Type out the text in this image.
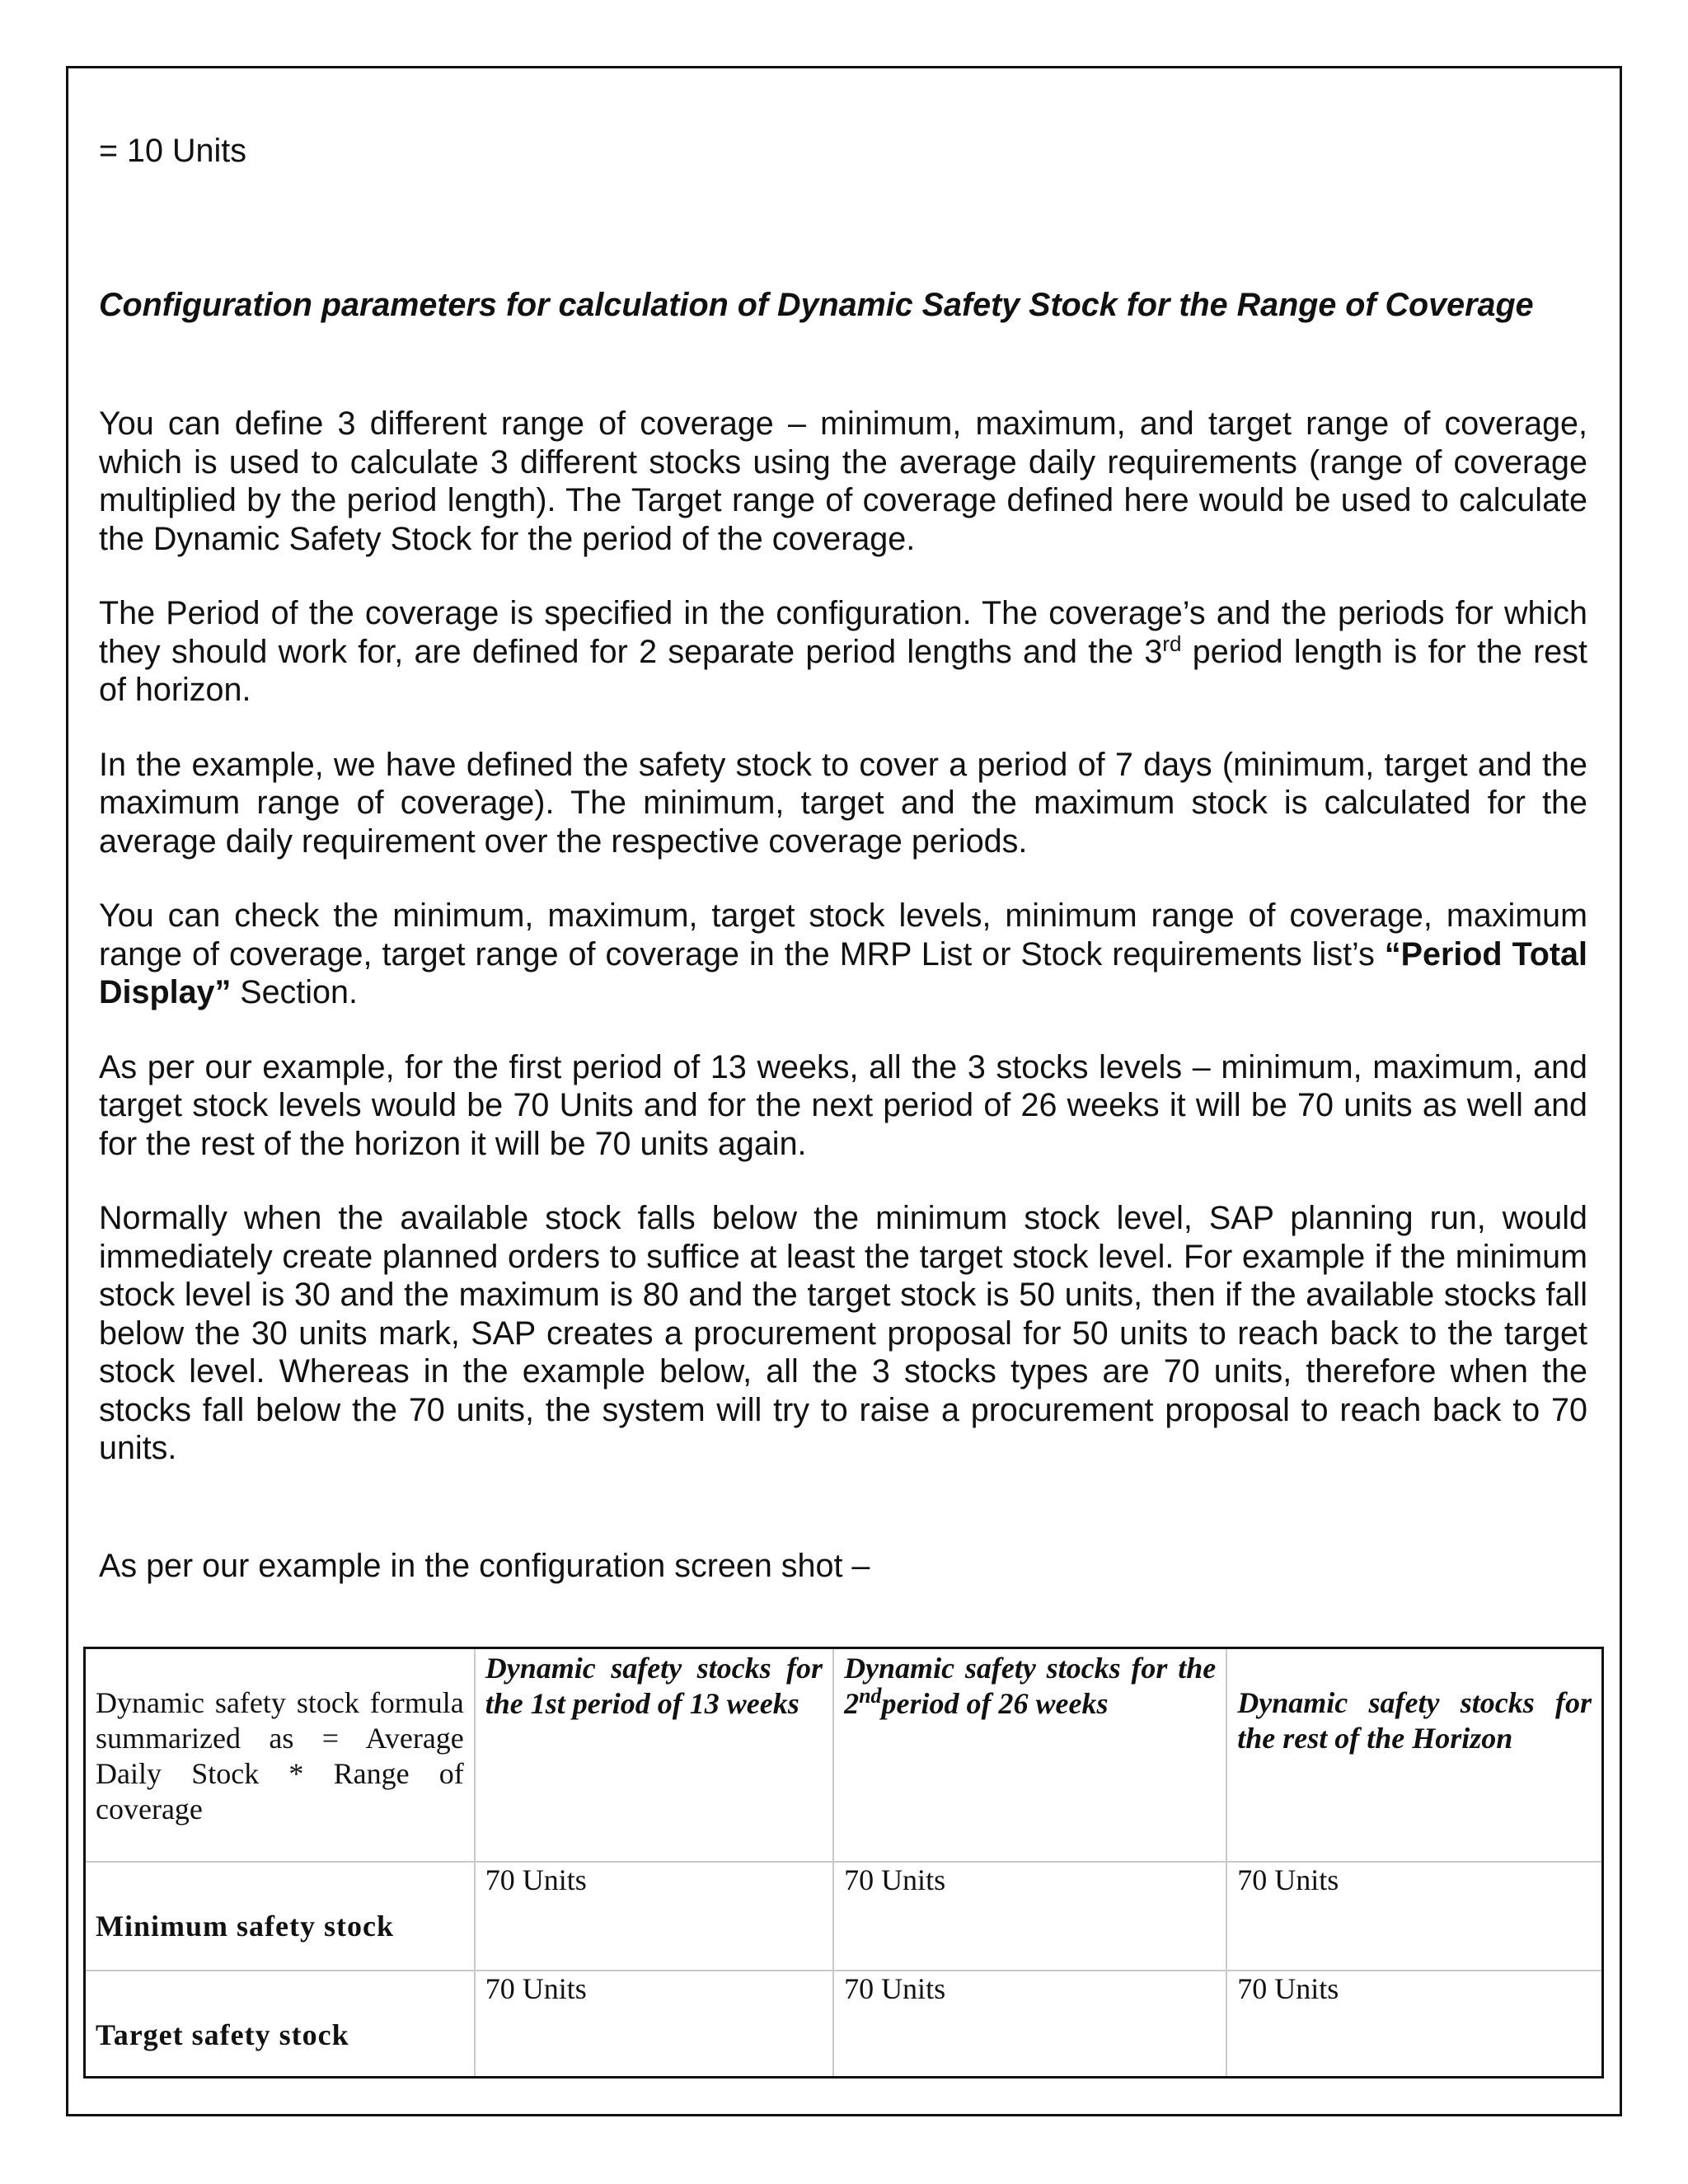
= 10 Units

Configuration parameters for calculation of Dynamic Safety Stock for the Range of Coverage

You can define 3 different range of coverage – minimum, maximum, and target range of coverage, which is used to calculate 3 different stocks using the average daily requirements (range of coverage multiplied by the period length). The Target range of coverage defined here would be used to calculate the Dynamic Safety Stock for the period of the coverage.

The Period of the coverage is specified in the configuration. The coverage’s and the periods for which they should work for, are defined for 2 separate period lengths and the 3rd period length is for the rest of horizon.

In the example, we have defined the safety stock to cover a period of 7 days (minimum, target and the maximum range of coverage). The minimum, target and the maximum stock is calculated for the average daily requirement over the respective coverage periods.

You can check the minimum, maximum, target stock levels, minimum range of coverage, maximum range of coverage, target range of coverage in the MRP List or Stock requirements list’s “Period Total Display” Section.

As per our example, for the first period of 13 weeks, all the 3 stocks levels – minimum, maximum, and target stock levels would be 70 Units and for the next period of 26 weeks it will be 70 units as well and for the rest of the horizon it will be 70 units again.

Normally when the available stock falls below the minimum stock level, SAP planning run, would immediately create planned orders to suffice at least the target stock level. For example if the minimum stock level is 30 and the maximum is 80 and the target stock is 50 units, then if the available stocks fall below the 30 units mark, SAP creates a procurement proposal for 50 units to reach back to the target stock level. Whereas in the example below, all the 3 stocks types are 70 units, therefore when the stocks fall below the 70 units, the system will try to raise a procurement proposal to reach back to 70 units.

As per our example in the configuration screen shot –

Dynamic safety stock formula summarized as = Average Daily Stock * Range of coverage	Dynamic safety stocks for the 1st period of 13 weeks	Dynamic safety stocks for the 2ndperiod of 26 weeks	Dynamic safety stocks for the rest of the Horizon
Minimum safety stock	70 Units	70 Units	70 Units
Target safety stock	70 Units	70 Units	70 Units
